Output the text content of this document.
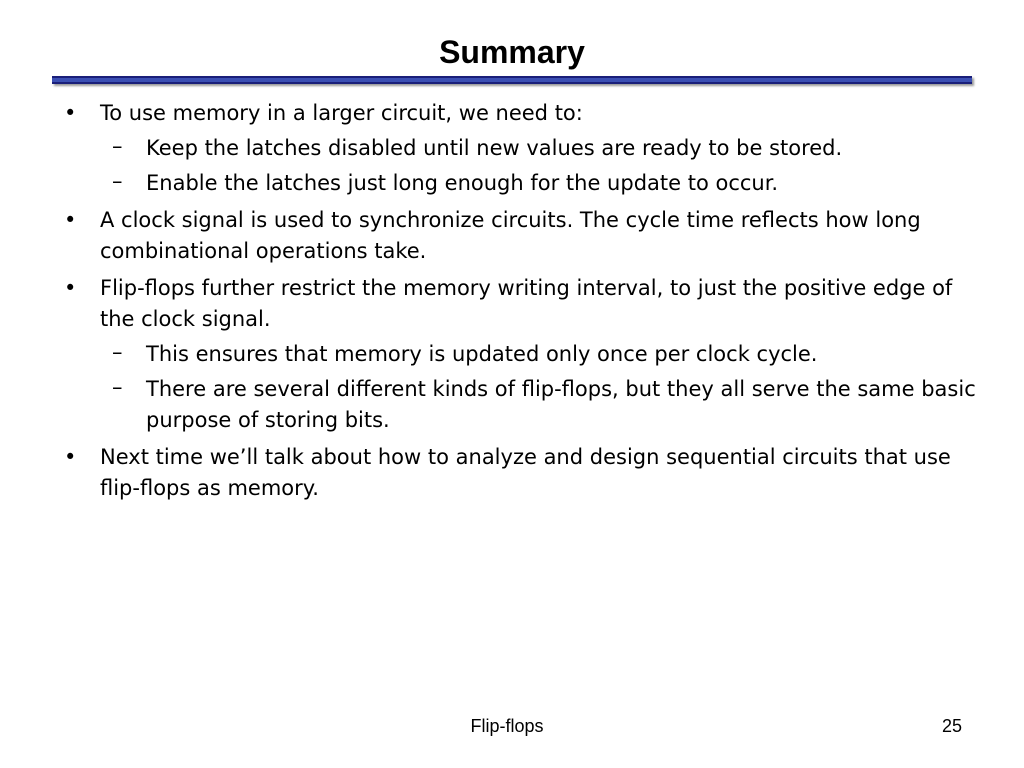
Summary
• To use memory in a larger circuit, we need to:
– Keep the latches disabled until new values are ready to be stored.
– Enable the latches just long enough for the update to occur.
• A clock signal is used to synchronize circuits. The cycle time reflects how long combinational operations take.
• Flip-flops further restrict the memory writing interval, to just the positive edge of the clock signal.
– This ensures that memory is updated only once per clock cycle.
– There are several different kinds of flip-flops, but they all serve the same basic purpose of storing bits.
• Next time we’ll talk about how to analyze and design sequential circuits that use flip-flops as memory.
Flip-flops	25
